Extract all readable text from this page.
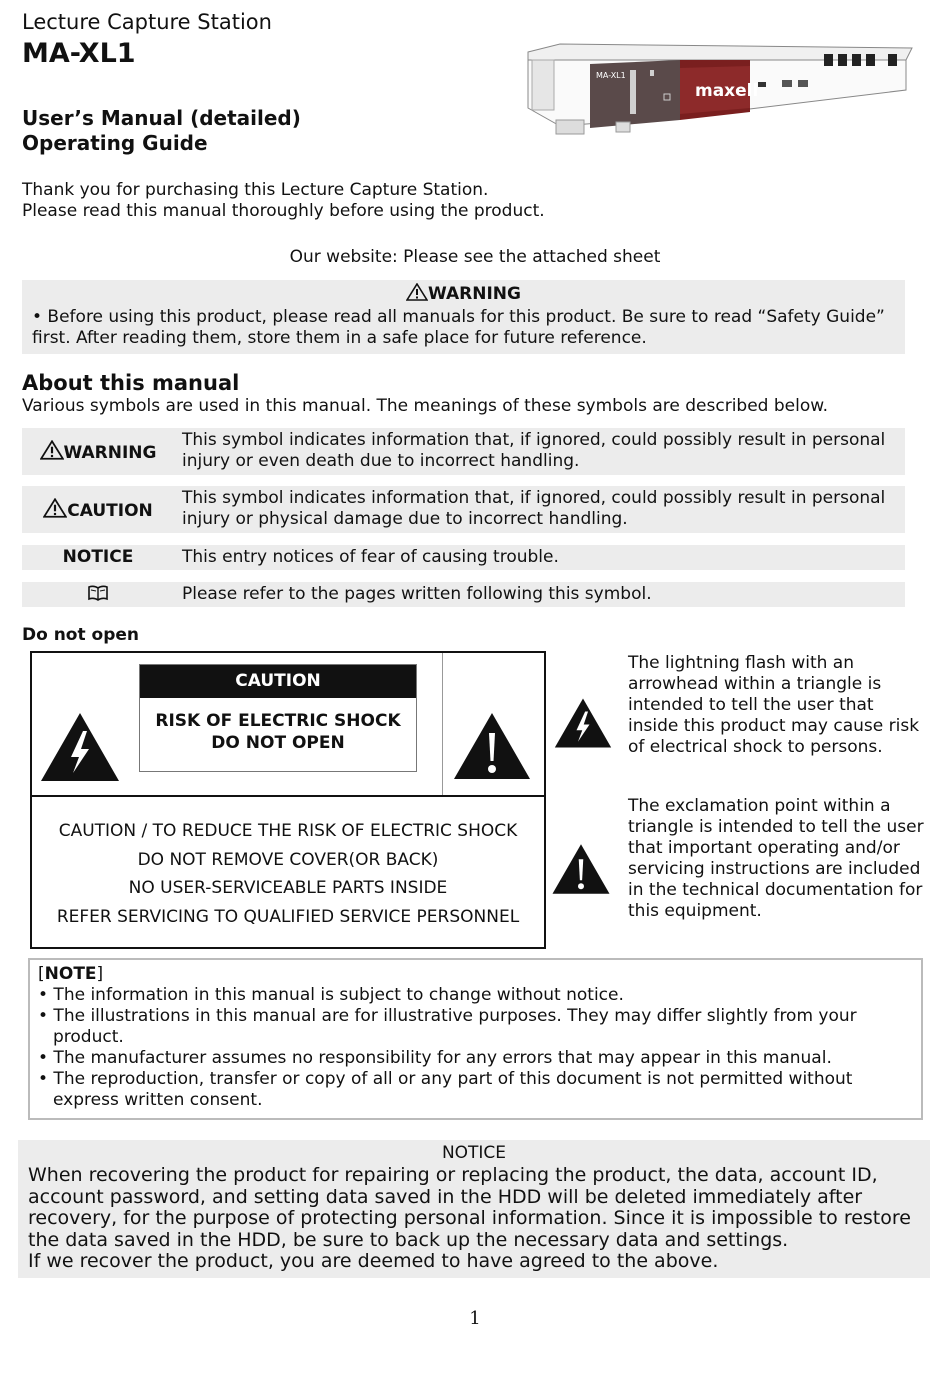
Lecture Capture Station
MA-XL1
User’s Manual (detailed)
Operating Guide
MA-XL1
maxell
Thank you for purchasing this Lecture Capture Station.
Please read this manual thoroughly before using the product.
Our website: Please see the attached sheet
WARNING
• Before using this product, please read all manuals for this product. Be sure to read “Safety Guide” first. After reading them, store them in a safe place for future reference.
About this manual
Various symbols are used in this manual. The meanings of these symbols are described below.
WARNING
This symbol indicates information that, if ignored, could possibly result in personal injury or even death due to incorrect handling.
CAUTION
This symbol indicates information that, if ignored, could possibly result in personal injury or physical damage due to incorrect handling.
NOTICE	This entry notices of fear of causing trouble.
Please refer to the pages written following this symbol.
Do not open
CAUTION
RISK OF ELECTRIC SHOCK
DO NOT OPEN
CAUTION / TO REDUCE THE RISK OF ELECTRIC SHOCK
DO NOT REMOVE COVER(OR BACK)
NO USER-SERVICEABLE PARTS INSIDE
REFER SERVICING TO QUALIFIED SERVICE PERSONNEL
The lightning flash with an arrowhead within a triangle is intended to tell the user that inside this product may cause risk of electrical shock to persons.
The exclamation point within a triangle is intended to tell the user that important operating and/or servicing instructions are included in the technical documentation for this equipment.
[NOTE]
• The information in this manual is subject to change without notice.
• The illustrations in this manual are for illustrative purposes. They may differ slightly from your product.
• The manufacturer assumes no responsibility for any errors that may appear in this manual.
• The reproduction, transfer or copy of all or any part of this document is not permitted without express written consent.
NOTICE
When recovering the product for repairing or replacing the product, the data, account ID, account password, and setting data saved in the HDD will be deleted immediately after recovery, for the purpose of protecting personal information. Since it is impossible to restore the data saved in the HDD, be sure to back up the necessary data and settings.
If we recover the product, you are deemed to have agreed to the above.
1
